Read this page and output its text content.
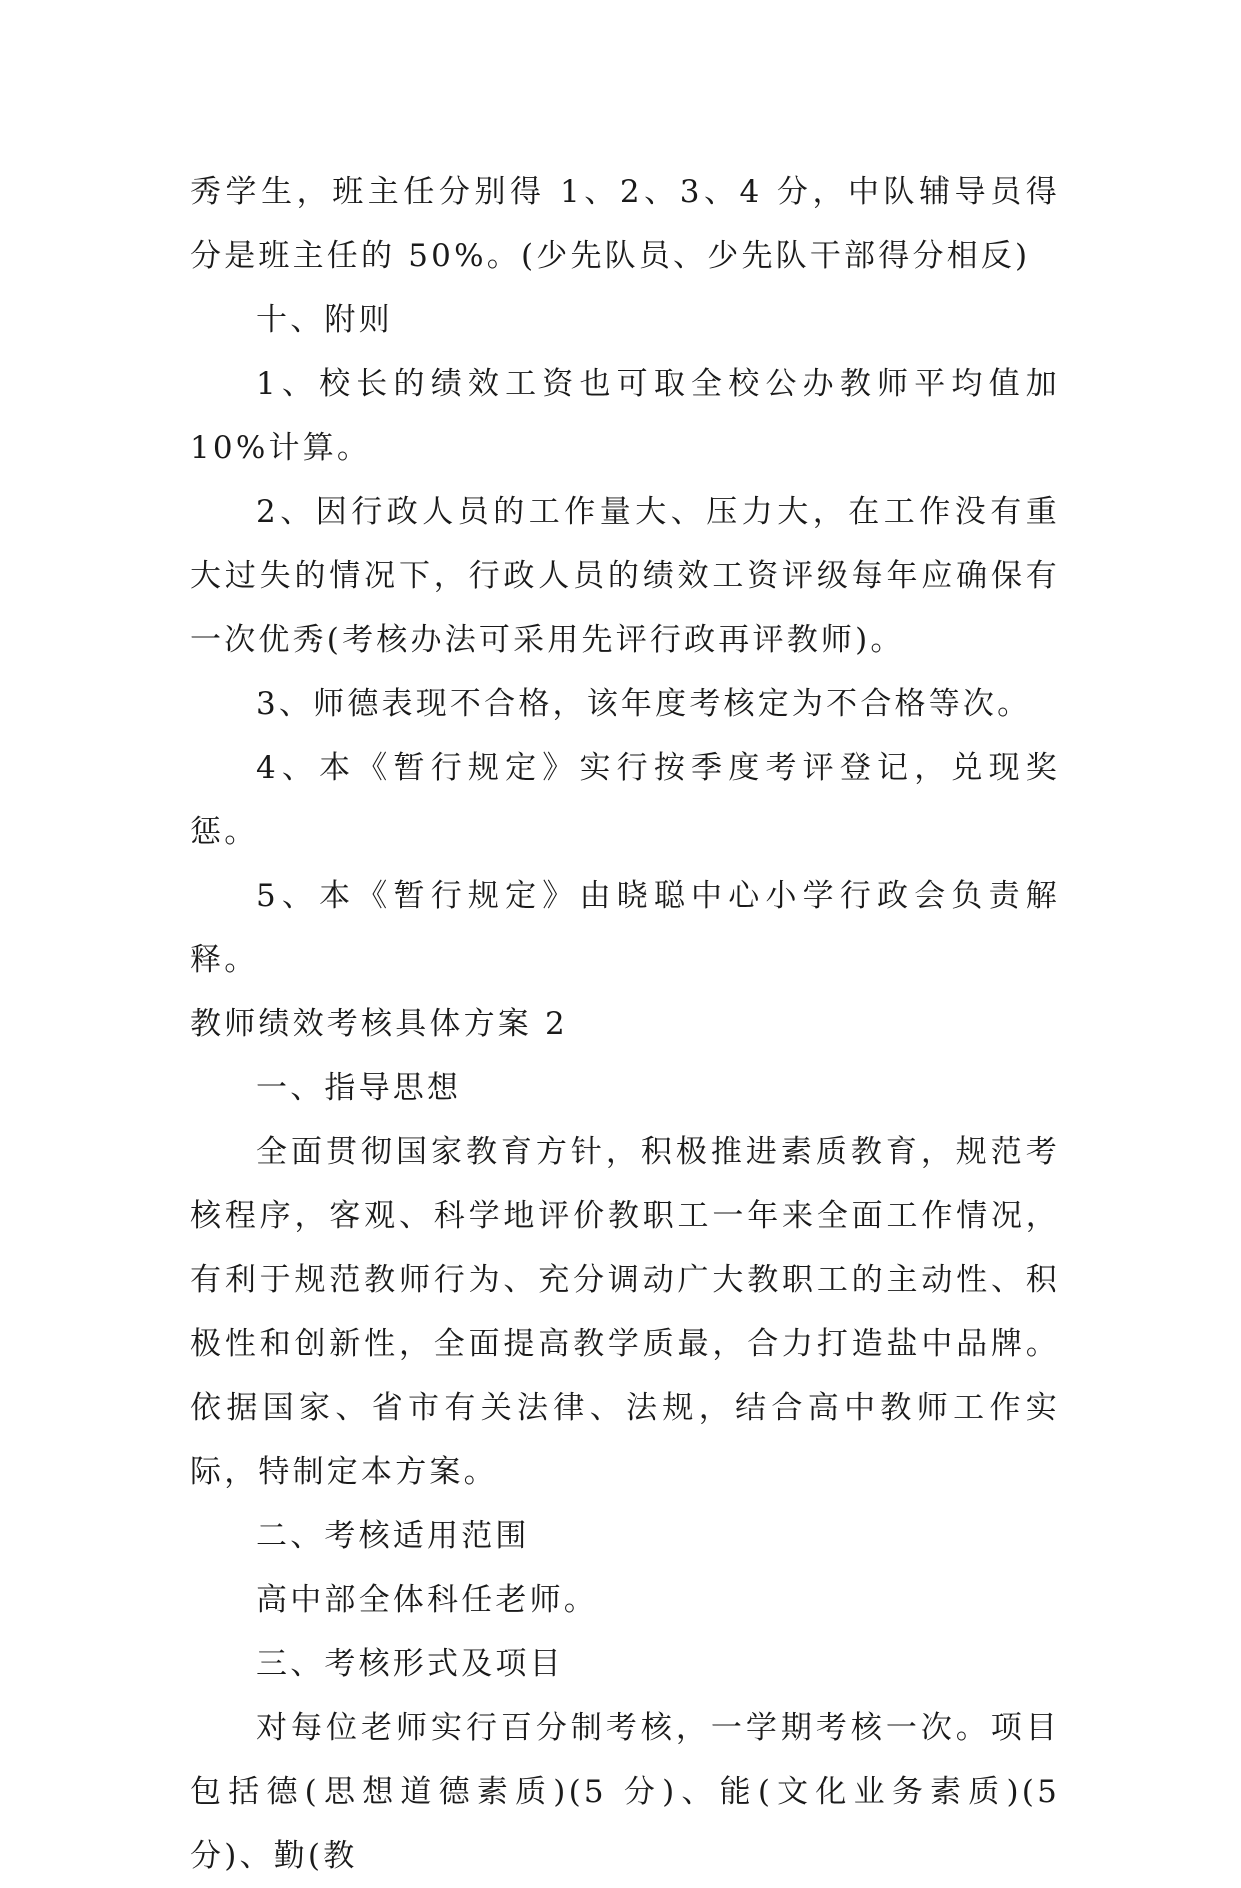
秀学生，班主任分别得 1、2、3、4 分，中队辅导员得分是班主任的 50%。(少先队员、少先队干部得分相反)

十、附则

1、校长的绩效工资也可取全校公办教师平均值加 10%计算。

2、因行政人员的工作量大、压力大，在工作没有重大过失的情况下，行政人员的绩效工资评级每年应确保有一次优秀(考核办法可采用先评行政再评教师)。

3、师德表现不合格，该年度考核定为不合格等次。

4、本《暂行规定》实行按季度考评登记，兑现奖惩。

5、本《暂行规定》由晓聪中心小学行政会负责解释。

教师绩效考核具体方案 2

一、指导思想

全面贯彻国家教育方针，积极推进素质教育，规范考核程序，客观、科学地评价教职工一年来全面工作情况，有利于规范教师行为、充分调动广大教职工的主动性、积极性和创新性，全面提高教学质最，合力打造盐中品牌。依据国家、省市有关法律、法规，结合高中教师工作实际，特制定本方案。

二、考核适用范围

高中部全体科任老师。

三、考核形式及项目

对每位老师实行百分制考核，一学期考核一次。项目包括德(思想道德素质)(5 分)、能(文化业务素质)(5 分)、勤(教
